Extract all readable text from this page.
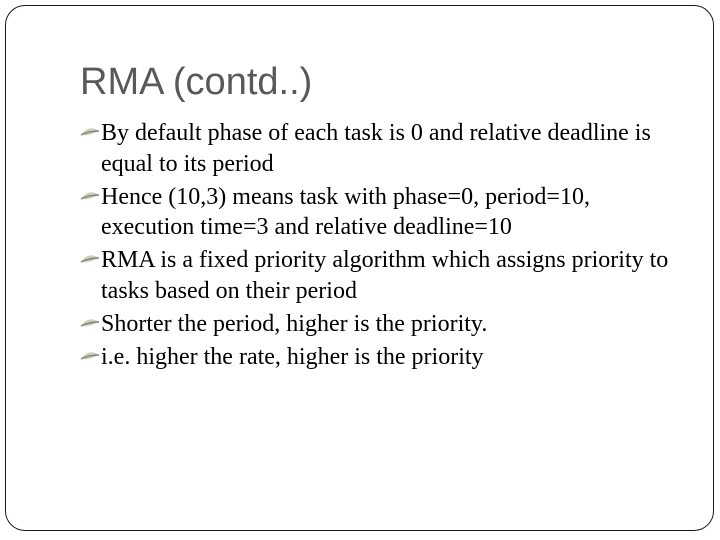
RMA (contd..)
By default phase of each task is 0 and relative deadline is equal to its period
Hence (10,3) means task with phase=0, period=10, execution time=3 and relative deadline=10
RMA is a fixed priority algorithm which assigns priority to tasks based on their period
Shorter the period, higher is the priority.
i.e. higher the rate, higher is the priority
